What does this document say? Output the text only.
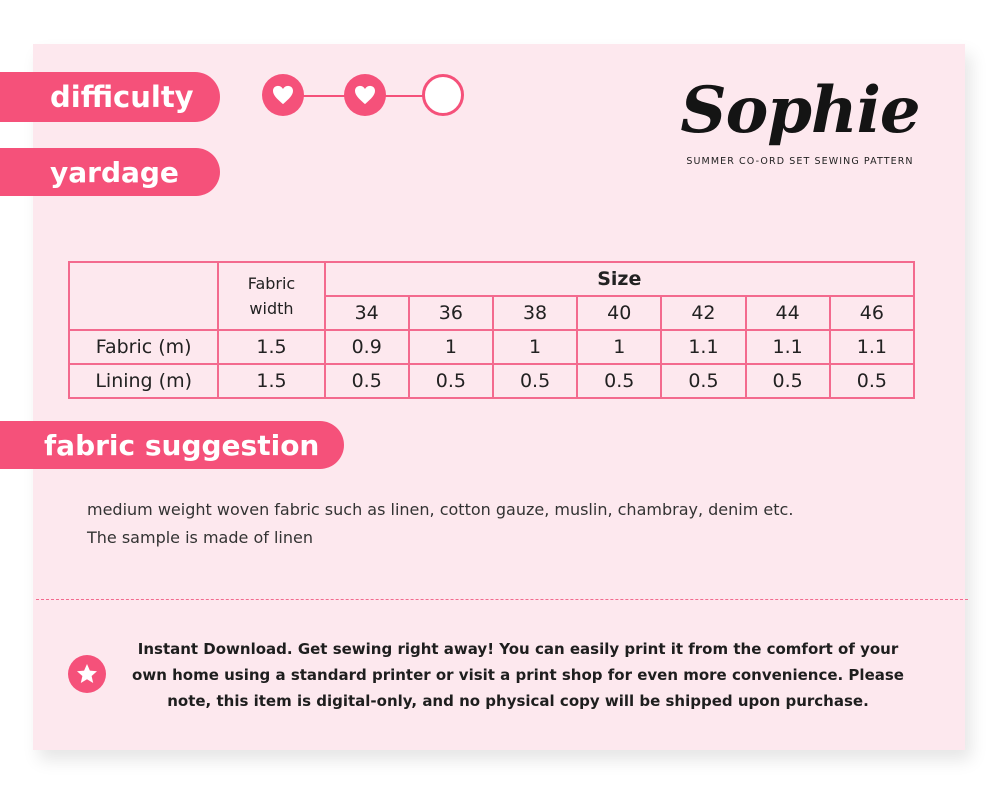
difficulty
yardage
Sophie
SUMMER CO-ORD SET SEWING PATTERN
	Fabric width	Size						
		34	36	38	40	42	44	46
Fabric (m)	1.5	0.9	1	1	1	1.1	1.1	1.1
Lining (m)	1.5	0.5	0.5	0.5	0.5	0.5	0.5	0.5
fabric suggestion
medium weight woven fabric such as linen, cotton gauze, muslin, chambray, denim etc.
The sample is made of linen
Instant Download. Get sewing right away! You can easily print it from the comfort of your own home using a standard printer or visit a print shop for even more convenience. Please note, this item is digital-only, and no physical copy will be shipped upon purchase.
